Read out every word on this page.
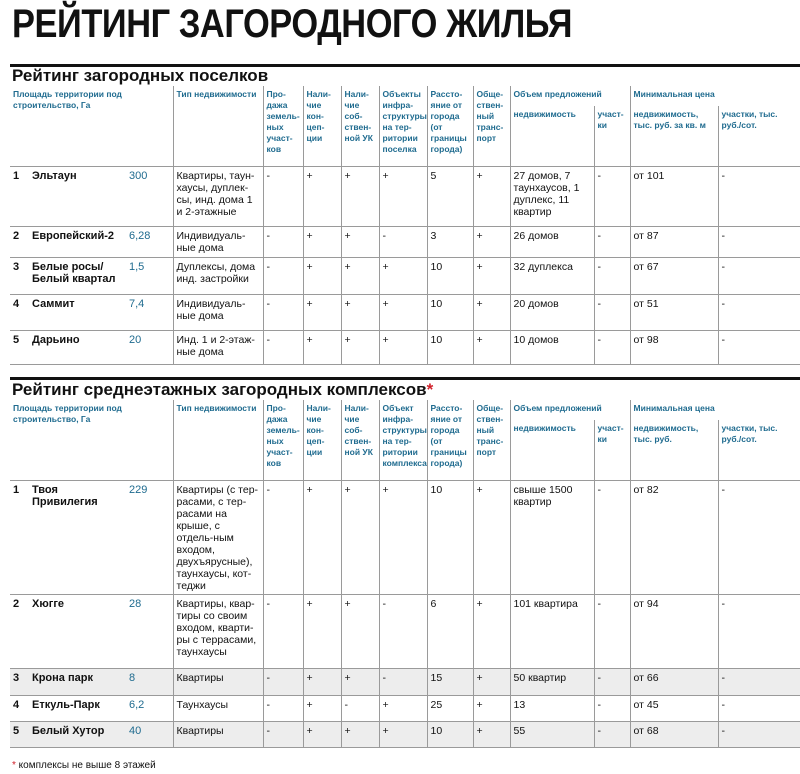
РЕЙТИНГ ЗАГОРОДНОГО ЖИЛЬЯ
Рейтинг загородных поселков
Площадь территории под строительство, Га			Тип недвижимости	Про-дажа земель-ных участ-ков	Нали-чие кон-цеп-ции	Нали-чие соб-ствен-ной УК	Объекты инфра-структуры на тер-ритории поселка	Рассто-яние от города (от границы города)	Обще-ствен-ный транс-порт	Объем предложений		Минимальная цена	
										недвижимость	участ-ки	недвижимость, тыс. руб. за кв. м	участки, тыс. руб./сот.
1	Эльтаун	300	Квартиры, таун-хаусы, дуплек-сы, инд. дома 1 и 2-этажные	-	+	+	+	5	+	27 домов, 7 таунхаусов, 1 дуплекс, 11 квартир	-	от 101	-
2	Европейский-2	6,28	Индивидуаль-ные дома	-	+	+	-	3	+	26 домов	-	от 87	-
3	Белые росы/ Белый квартал	1,5	Дуплексы, дома инд. застройки	-	+	+	+	10	+	32 дуплекса	-	от 67	-
4	Саммит	7,4	Индивидуаль-ные дома	-	+	+	+	10	+	20 домов	-	от 51	-
5	Дарьино	20	Инд. 1 и 2-этаж-ные дома	-	+	+	+	10	+	10 домов	-	от 98	-
Рейтинг среднеэтажных загородных комплексов*
Площадь территории под строительство, Га			Тип недвижимости	Про-дажа земель-ных участ-ков	Нали-чие кон-цеп-ции	Нали-чие соб-ствен-ной УК	Объект инфра-структуры на тер-ритории комплекса	Рассто-яние от города (от границы города)	Обще-ствен-ный транс-порт	Объем предложений		Минимальная цена	
										недвижимость	участ-ки	недвижимость, тыс. руб.	участки, тыс. руб./сот.
1	Твоя Привилегия	229	Квартиры (с тер-расами, с тер-расами на крыше, с отдель-ным входом, двухъярусные), таунхаусы, кот-теджи	-	+	+	+	10	+	свыше 1500 квартир	-	от 82	-
2	Хюгге	28	Квартиры, квар-тиры со своим входом, кварти-ры с террасами, таунхаусы	-	+	+	-	6	+	101 квартира	-	от 94	-
3	Крона парк	8	Квартиры	-	+	+	-	15	+	50 квартир	-	от 66	-
4	Еткуль-Парк	6,2	Таунхаусы	-	+	-	+	25	+	13	-	от 45	-
5	Белый Хутор	40	Квартиры	-	+	+	+	10	+	55	-	от 68	-
* комплексы не выше 8 этажей
